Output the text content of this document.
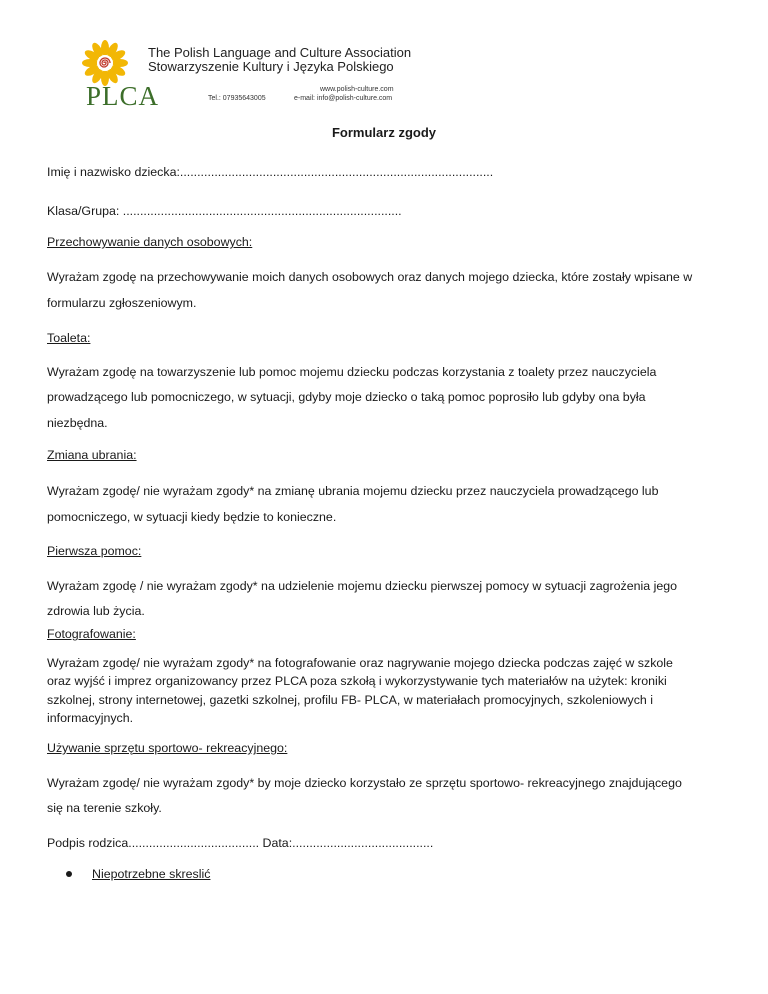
PLCA
The Polish Language and Culture Association
Stowarzyszenie Kultury i Języka Polskiego
www.polish-culture.com
Tel.: 07935643005	e-mail: info@polish-culture.com
Formularz zgody
Imię i nazwisko dziecka:...........................................................................................
Klasa/Grupa: .................................................................................
Przechowywanie danych osobowych:
Wyrażam zgodę na przechowywanie moich danych osobowych oraz danych mojego dziecka, które zostały wpisane w
formularzu zgłoszeniowym.
Toaleta:
Wyrażam zgodę na towarzyszenie lub pomoc mojemu dziecku podczas korzystania z toalety przez nauczyciela
prowadzącego lub pomocniczego, w sytuacji, gdyby moje dziecko o taką pomoc poprosiło lub gdyby ona była
niezbędna.
Zmiana ubrania:
Wyrażam zgodę/ nie wyrażam zgody* na zmianę ubrania mojemu dziecku przez nauczyciela prowadzącego lub
pomocniczego, w sytuacji kiedy będzie to konieczne.
Pierwsza pomoc:
Wyrażam zgodę / nie wyrażam zgody* na udzielenie mojemu dziecku pierwszej pomocy w sytuacji zagrożenia jego
zdrowia lub życia.
Fotografowanie:
Wyrażam zgodę/ nie wyrażam zgody* na fotografowanie oraz nagrywanie mojego dziecka podczas zajęć w szkole
oraz wyjść i imprez organizowancy przez PLCA poza szkołą i wykorzystywanie tych materiałów na użytek: kroniki
szkolnej, strony internetowej, gazetki szkolnej, profilu FB- PLCA, w materiałach promocyjnych, szkoleniowych i
informacyjnych.
Używanie sprzętu sportowo- rekreacyjnego:
Wyrażam zgodę/ nie wyrażam zgody* by moje dziecko korzystało ze sprzętu sportowo- rekreacyjnego znajdującego
się na terenie szkoły.
Podpis rodzica...................................... Data:.........................................
Niepotrzebne skreslić
